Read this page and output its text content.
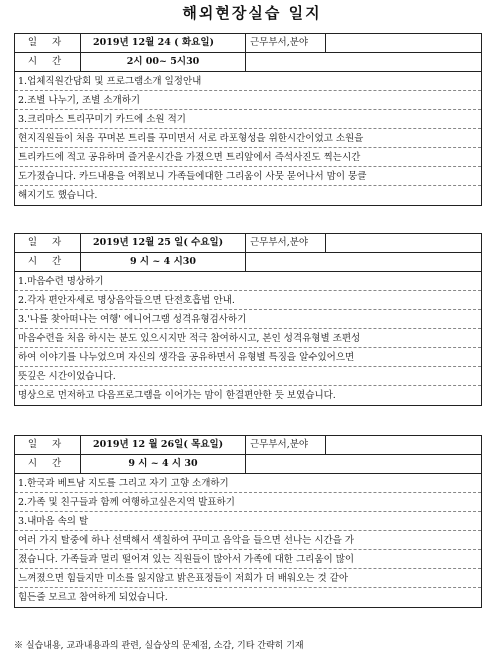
해외현장실습 일지
일 자	2019년 12월 24 ( 화요일)	근무부서,분야
시 간	2시 00~ 5시30
1.업체직원간담회 및 프로그램소개 일정안내
2.조별 나누기, 조별 소개하기
3.크리마스 트리꾸미기 카드에 소원 적기
현지직원들이 처음 꾸며본 트리를 꾸미면서 서로 라포형성을 위한시간이었고 소원을
트리카드에 적고 공유하며 즐거운시간을 가졌으면 트리앞에서 즉석사진도 찍는시간
도가졌습니다. 카드내용을 여쭤보니 가족들에대한 그리움이 사뭇 묻어나서 맘이 뭉클
해지기도 했습니다.
일 자	2019년 12월 25 일( 수요일)	근무부서,분야
시 간	9 시 ~ 4 시30
1.마음수련 명상하기
2.각자 편안자세로 명상음악들으면 단전호흡법 안내.
3.'나를 찾아떠나는 여행' 에니어그램 성격유형검사하기
마음수련을 처음 하시는 분도 있으시지만 적극 참여하시고, 본인 성격유형별 조편성
하여 이야기를 나누었으며 자신의 생각을 공유하면서 유형별 특징을 알수있어으면
뜻깊은 시간이었습니다.
명상으로 먼저하고 다음프로그램을 이어가는 맘이 한결편안한 듯 보였습니다.
일 자	2019년 12 월 26일( 목요일)	근무부서,분야
시 간	9 시 ~ 4 시 30
1.한국과 베트남 지도를 그리고 자기 고향 소개하기
2.가족 및 친구들과 함께 여행하고싶은지역 발표하기
3.내마음 속의 탈
여러 가지 탈중에 하나 선택해서 색칠하여 꾸미고 음악을 들으면 선나는 시간을 가
졌습니다. 가족들과 멀리 떨어져 있는 직원들이 많아서 가족에 대한 그리움이 많이
느껴졌으면 힘들지만 미소를 잃지않고 밝은표정들이 저희가 더 배워오는 것 같아
힘든줄 모르고 참여하게 되었습니다.
※ 실습내용, 교과내용과의 관련, 실습상의 문제점, 소감, 기타 간략히 기재
